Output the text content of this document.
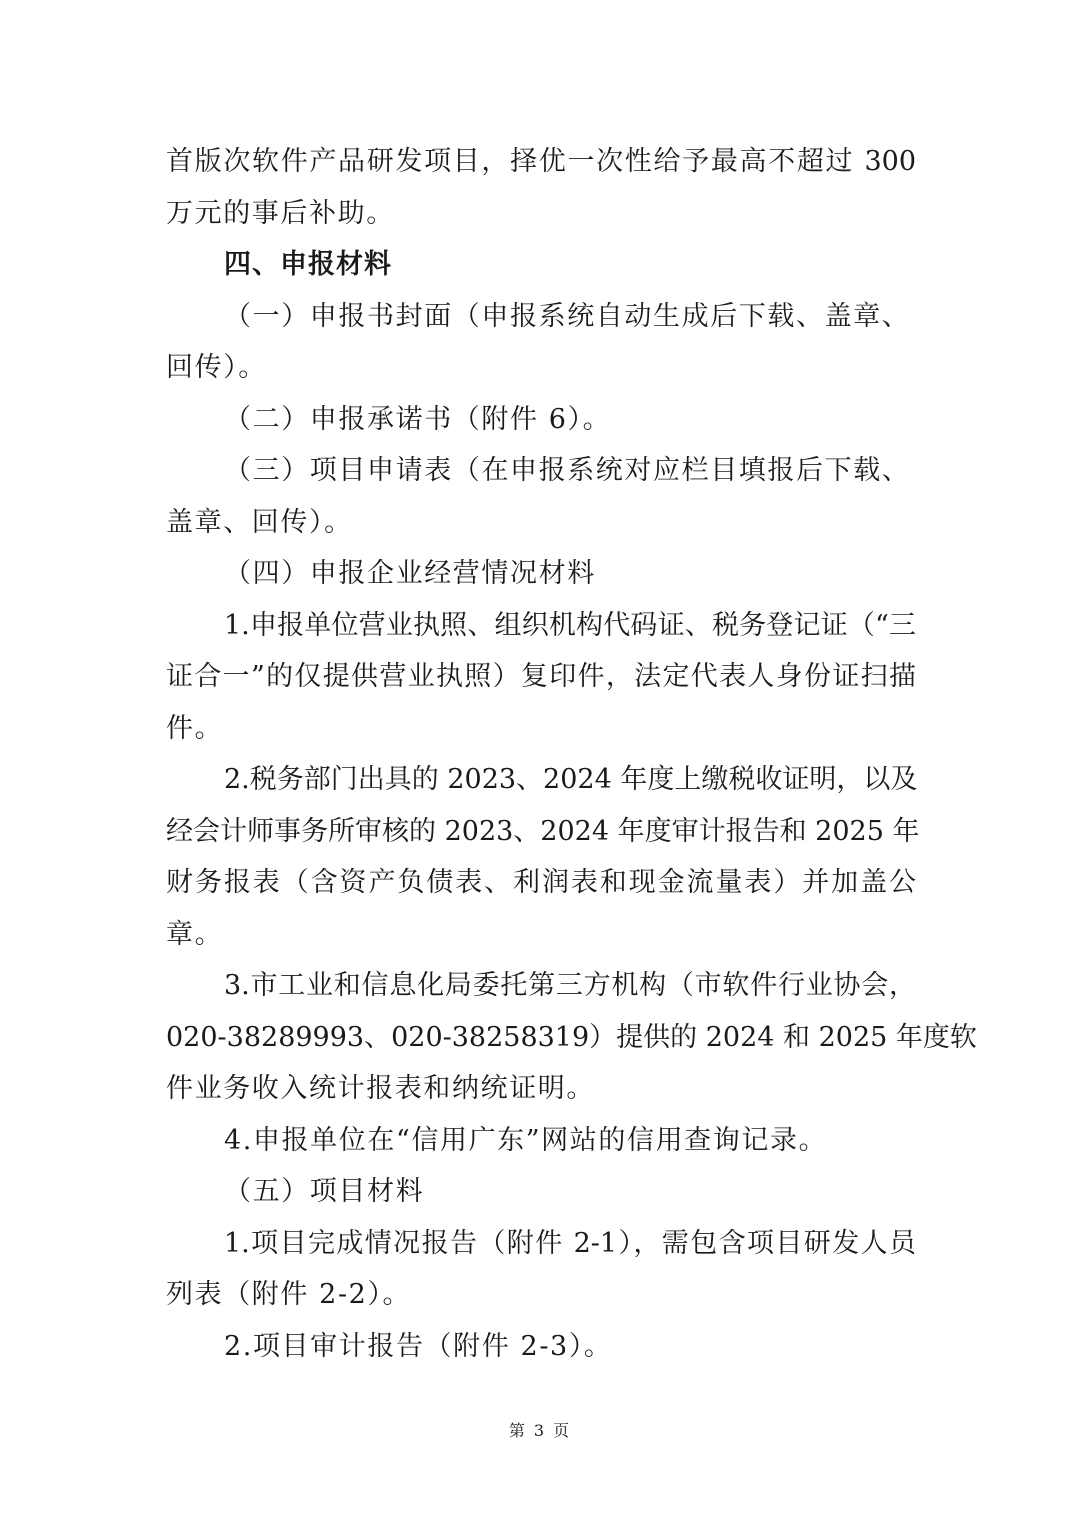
首版次软件产品研发项目，择优一次性给予最高不超过 300
万元的事后补助。
四、申报材料
（一）申报书封面（申报系统自动生成后下载、盖章、
回传）。
（二）申报承诺书（附件 6）。
（三）项目申请表（在申报系统对应栏目填报后下载、
盖章、回传）。
（四）申报企业经营情况材料
1.申报单位营业执照、组织机构代码证、税务登记证（“三
证合一”的仅提供营业执照）复印件，法定代表人身份证扫描
件。
2.税务部门出具的 2023、2024 年度上缴税收证明，以及
经会计师事务所审核的 2023、2024 年度审计报告和 2025 年
财务报表（含资产负债表、利润表和现金流量表）并加盖公
章。
3.市工业和信息化局委托第三方机构（市软件行业协会，
020-38289993、020-38258319）提供的 2024 和 2025 年度软
件业务收入统计报表和纳统证明。
4.申报单位在“信用广东”网站的信用查询记录。
（五）项目材料
1.项目完成情况报告（附件 2-1），需包含项目研发人员
列表（附件 2-2）。
2.项目审计报告（附件 2-3）。
第 3 页
